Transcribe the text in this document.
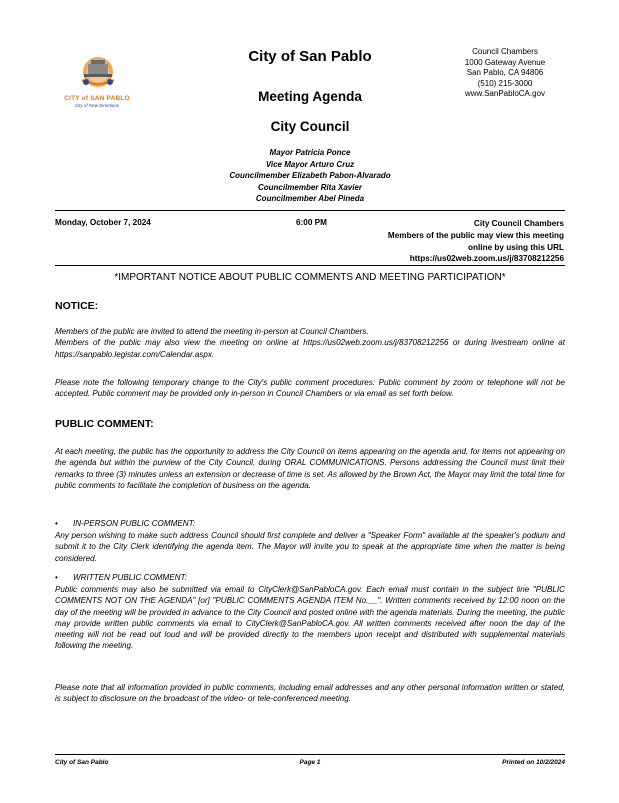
CITY of SAN PABLO
City of New Directions
City of San Pablo
Meeting Agenda
City Council
Council Chambers
1000 Gateway Avenue
San Pablo, CA 94806
(510) 215-3000
www.SanPabloCA.gov
Mayor Patricia Ponce
Vice Mayor Arturo Cruz
Councilmember Elizabeth Pabon-Alvarado
Councilmember Rita Xavier
Councilmember Abel Pineda
Monday, October 7, 2024	6:00 PM	City Council Chambers
Members of the public may view this meeting
online by using this URL
https://us02web.zoom.us/j/83708212256
*IMPORTANT NOTICE ABOUT PUBLIC COMMENTS AND MEETING PARTICIPATION*
NOTICE:
Members of the public are invited to attend the meeting in-person at Council Chambers.
Members of the public may also view the meeting on online at https://us02web.zoom.us/j/83708212256 or during livestream online at https://sanpablo.legistar.com/Calendar.aspx.
Please note the following temporary change to the City's public comment procedures: Public comment by zoom or telephone will not be accepted. Public comment may be provided only in-person in Council Chambers or via email as set forth below.
PUBLIC COMMENT:
At each meeting, the public has the opportunity to address the City Council on items appearing on the agenda and, for items not appearing on the agenda but within the purview of the City Council, during ORAL COMMUNICATIONS. Persons addressing the Council must limit their remarks to three (3) minutes unless an extension or decrease of time is set. As allowed by the Brown Act, the Mayor may limit the total time for public comments to facilitate the completion of business on the agenda.
• IN-PERSON PUBLIC COMMENT:
Any person wishing to make such address Council should first complete and deliver a "Speaker Form" available at the speaker's podium and submit it to the City Clerk identifying the agenda item. The Mayor will invite you to speak at the appropriate time when the matter is being considered.
• WRITTEN PUBLIC COMMENT:
Public comments may also be submitted via email to CityClerk@SanPabloCA.gov. Each email must contain in the subject line "PUBLIC COMMENTS NOT ON THE AGENDA" [or] "PUBLIC COMMENTS AGENDA ITEM No.__". Written comments received by 12:00 noon on the day of the meeting will be provided in advance to the City Council and posted online with the agenda materials. During the meeting, the public may provide written public comments via email to CityClerk@SanPabloCA.gov. All written comments received after noon the day of the meeting will not be read out loud and will be provided directly to the members upon receipt and distributed with supplemental materials following the meeting.
Please note that all information provided in public comments, including email addresses and any other personal information written or stated, is subject to disclosure on the broadcast of the video- or tele-conferenced meeting.
City of San Pablo	Page 1	Printed on 10/2/2024
